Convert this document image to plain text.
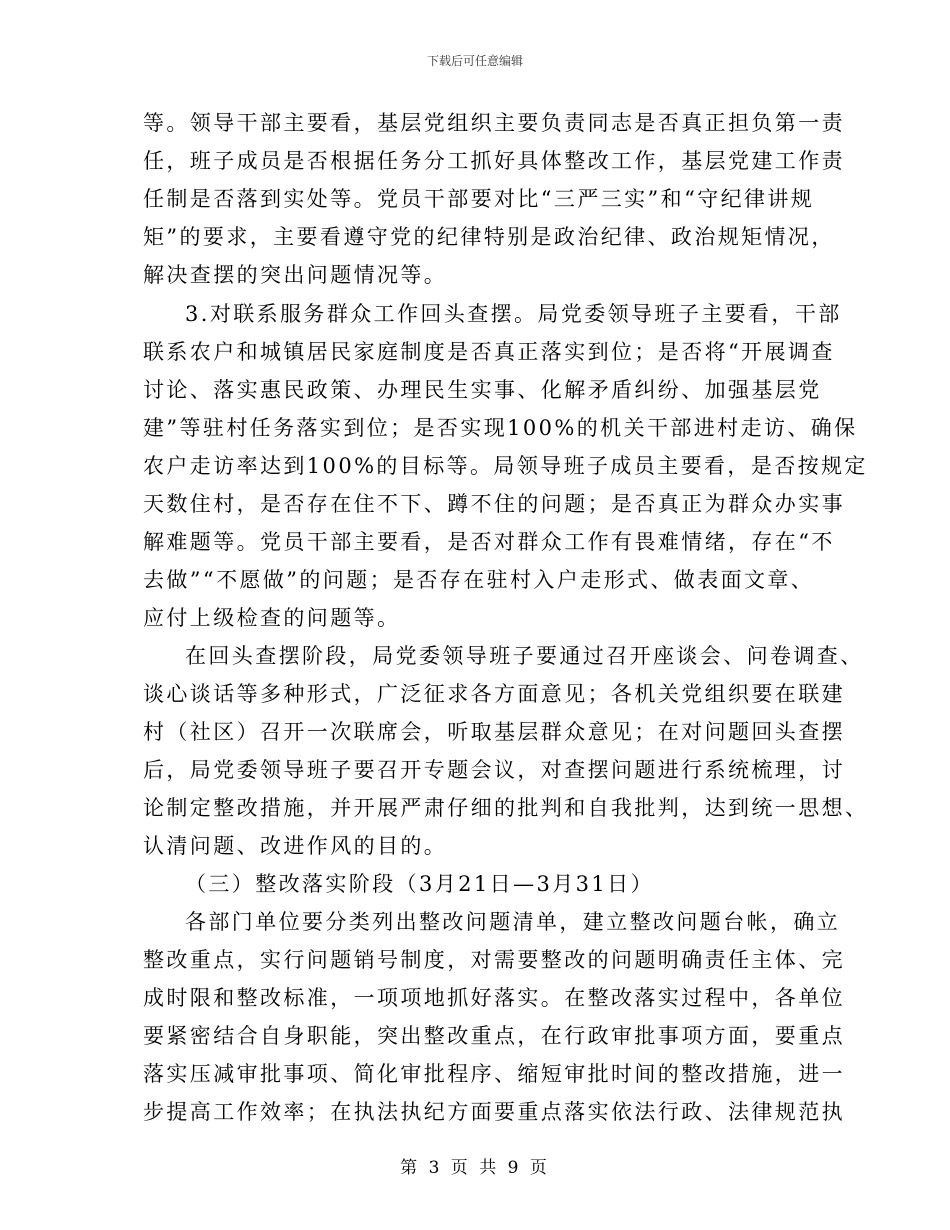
下载后可任意编辑
等。领导干部主要看，基层党组织主要负责同志是否真正担负第一责
任，班子成员是否根据任务分工抓好具体整改工作，基层党建工作责
任制是否落到实处等。党员干部要对比“三严三实”和“守纪律讲规
矩”的要求，主要看遵守党的纪律特别是政治纪律、政治规矩情况，
解决查摆的突出问题情况等。
3.对联系服务群众工作回头查摆。局党委领导班子主要看，干部
联系农户和城镇居民家庭制度是否真正落实到位；是否将“开展调查
讨论、落实惠民政策、办理民生实事、化解矛盾纠纷、加强基层党
建”等驻村任务落实到位；是否实现100%的机关干部进村走访、确保
农户走访率达到100%的目标等。局领导班子成员主要看，是否按规定
天数住村，是否存在住不下、蹲不住的问题；是否真正为群众办实事
解难题等。党员干部主要看，是否对群众工作有畏难情绪，存在“不
去做”“不愿做”的问题；是否存在驻村入户走形式、做表面文章、
应付上级检查的问题等。
在回头查摆阶段，局党委领导班子要通过召开座谈会、问卷调查、
谈心谈话等多种形式，广泛征求各方面意见；各机关党组织要在联建
村（社区）召开一次联席会，听取基层群众意见；在对问题回头查摆
后，局党委领导班子要召开专题会议，对查摆问题进行系统梳理，讨
论制定整改措施，并开展严肃仔细的批判和自我批判，达到统一思想、
认清问题、改进作风的目的。
（三）整改落实阶段（3月21日—3月31日）
各部门单位要分类列出整改问题清单，建立整改问题台帐，确立
整改重点，实行问题销号制度，对需要整改的问题明确责任主体、完
成时限和整改标准，一项项地抓好落实。在整改落实过程中，各单位
要紧密结合自身职能，突出整改重点，在行政审批事项方面，要重点
落实压减审批事项、简化审批程序、缩短审批时间的整改措施，进一
步提高工作效率；在执法执纪方面要重点落实依法行政、法律规范执
第 3 页 共 9 页
